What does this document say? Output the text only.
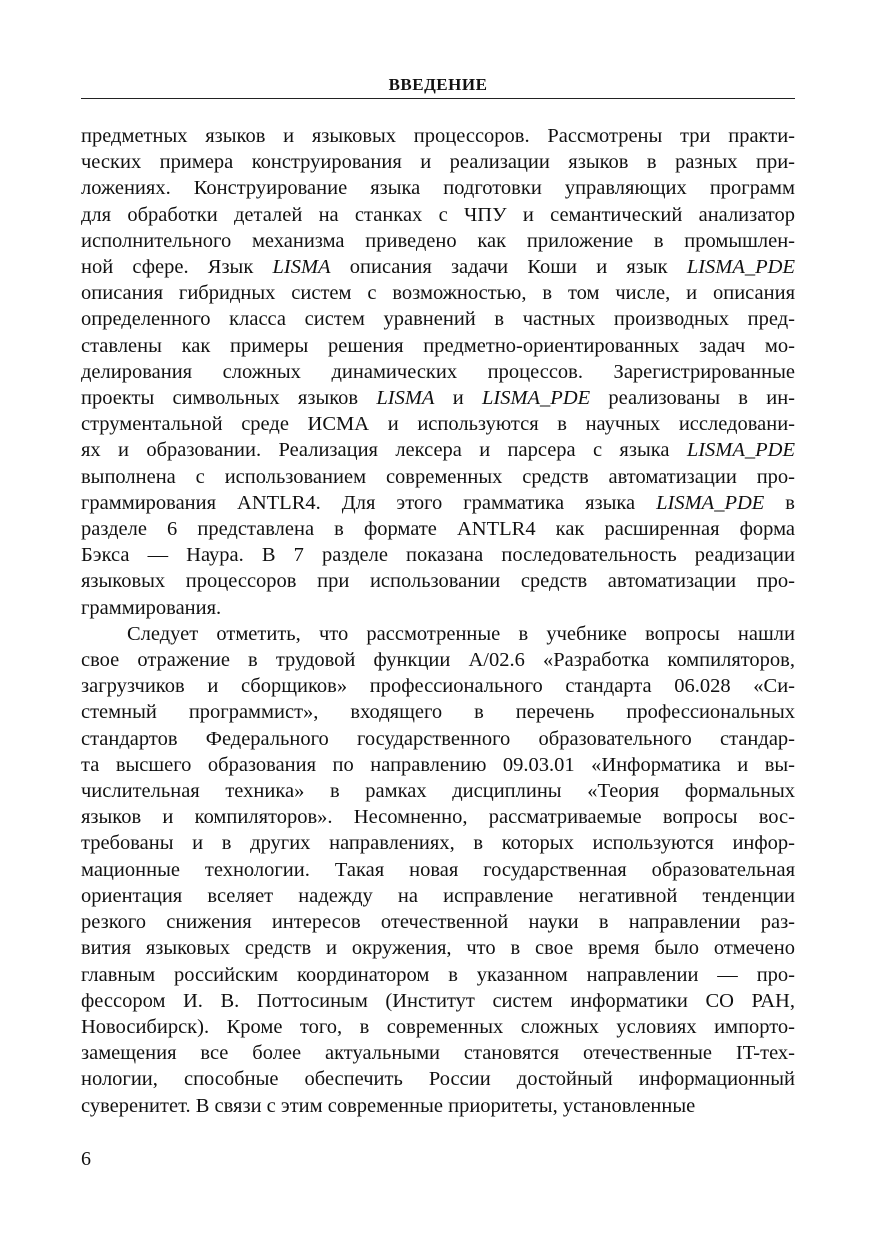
ВВЕДЕНИЕ

предметных языков и языковых процессоров. Рассмотрены три практи-
ческих примера конструирования и реализации языков в разных при-
ложениях. Конструирование языка подготовки управляющих программ
для обработки деталей на станках с ЧПУ и семантический анализатор
исполнительного механизма приведено как приложение в промышлен-
ной сфере. Язык LISMA описания задачи Коши и язык LISMA_PDE
описания гибридных систем с возможностью, в том числе, и описания
определенного класса систем уравнений в частных производных пред-
ставлены как примеры решения предметно-ориентированных задач мо-
делирования сложных динамических процессов. Зарегистрированные
проекты символьных языков LISMA и LISMA_PDE реализованы в ин-
струментальной среде ИСМА и используются в научных исследовани-
ях и образовании. Реализация лексера и парсера с языка LISMA_PDE
выполнена с использованием современных средств автоматизации про-
граммирования ANTLR4. Для этого грамматика языка LISMA_PDE в
разделе 6 представлена в формате ANTLR4 как расширенная форма
Бэкса — Наура. В 7 разделе показана последовательность реадизации
языковых процессоров при использовании средств автоматизации про-
граммирования.

Следует отметить, что рассмотренные в учебнике вопросы нашли
свое отражение в трудовой функции А/02.6 «Разработка компиляторов,
загрузчиков и сборщиков» профессионального стандарта 06.028 «Си-
стемный программист», входящего в перечень профессиональных
стандартов Федерального государственного образовательного стандар-
та высшего образования по направлению 09.03.01 «Информатика и вы-
числительная техника» в рамках дисциплины «Теория формальных
языков и компиляторов». Несомненно, рассматриваемые вопросы вос-
требованы и в других направлениях, в которых используются инфор-
мационные технологии. Такая новая государственная образовательная
ориентация вселяет надежду на исправление негативной тенденции
резкого снижения интересов отечественной науки в направлении раз-
вития языковых средств и окружения, что в свое время было отмечено
главным российским координатором в указанном направлении — про-
фессором И. В. Поттосиным (Институт систем информатики СО РАН,
Новосибирск). Кроме того, в современных сложных условиях импорто-
замещения все более актуальными становятся отечественные IT-тех-
нологии, способные обеспечить России достойный информационный
суверенитет. В связи с этим современные приоритеты, установленные

6
